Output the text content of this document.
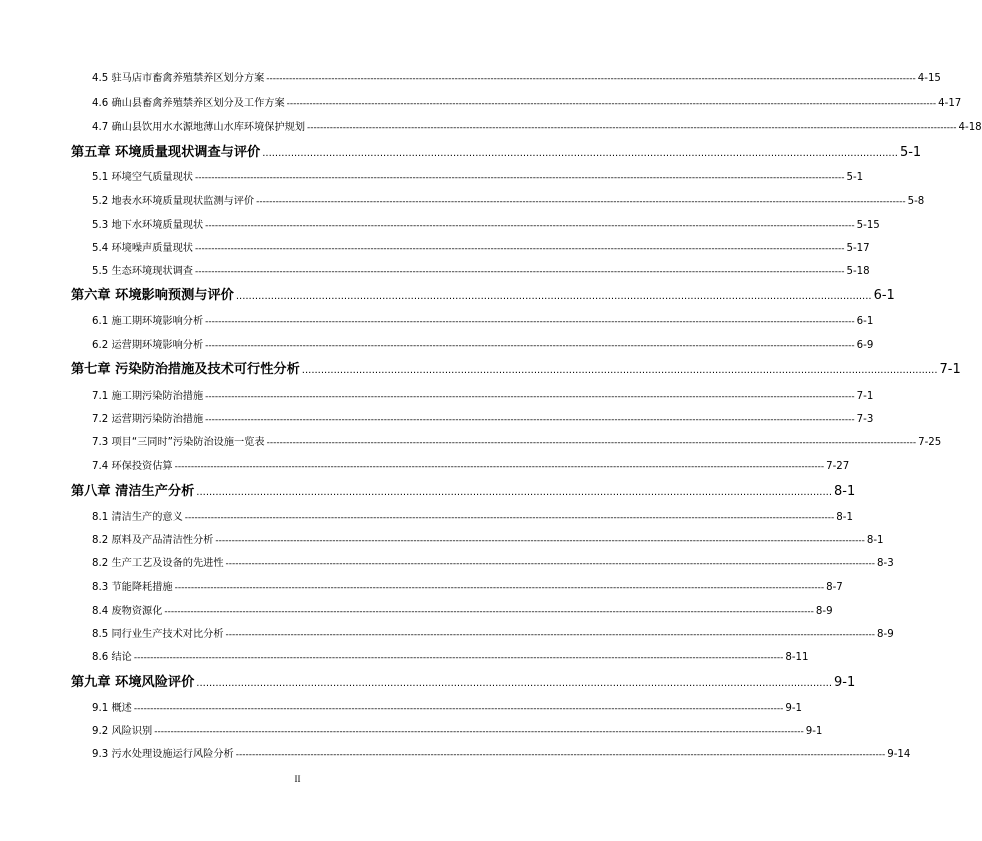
4.5 驻马店市畜禽养殖禁养区划分方案 -------------------------------------------------------------------------------------------------------------------------------------------------------------------------------------------------------- 4-15
4.6 确山县畜禽养殖禁养区划分及工作方案 -------------------------------------------------------------------------------------------------------------------------------------------------------------------------------------------------------- 4-17
4.7 确山县饮用水水源地薄山水库环境保护规划 -------------------------------------------------------------------------------------------------------------------------------------------------------------------------------------------------------- 4-18
第五章 环境质量现状调查与评价 ........................................................................................................................................................................................................ 5-1
5.1 环境空气质量现状 -------------------------------------------------------------------------------------------------------------------------------------------------------------------------------------------------------- 5-1
5.2 地表水环境质量现状监测与评价 -------------------------------------------------------------------------------------------------------------------------------------------------------------------------------------------------------- 5-8
5.3 地下水环境质量现状 -------------------------------------------------------------------------------------------------------------------------------------------------------------------------------------------------------- 5-15
5.4 环境噪声质量现状 -------------------------------------------------------------------------------------------------------------------------------------------------------------------------------------------------------- 5-17
5.5 生态环境现状调查 -------------------------------------------------------------------------------------------------------------------------------------------------------------------------------------------------------- 5-18
第六章 环境影响预测与评价 ........................................................................................................................................................................................................ 6-1
6.1 施工期环境影响分析 -------------------------------------------------------------------------------------------------------------------------------------------------------------------------------------------------------- 6-1
6.2 运营期环境影响分析 -------------------------------------------------------------------------------------------------------------------------------------------------------------------------------------------------------- 6-9
第七章 污染防治措施及技术可行性分析 ........................................................................................................................................................................................................ 7-1
7.1 施工期污染防治措施 -------------------------------------------------------------------------------------------------------------------------------------------------------------------------------------------------------- 7-1
7.2 运营期污染防治措施 -------------------------------------------------------------------------------------------------------------------------------------------------------------------------------------------------------- 7-3
7.3 项目“三同时”污染防治设施一览表 -------------------------------------------------------------------------------------------------------------------------------------------------------------------------------------------------------- 7-25
7.4 环保投资估算 -------------------------------------------------------------------------------------------------------------------------------------------------------------------------------------------------------- 7-27
第八章 清洁生产分析 ........................................................................................................................................................................................................ 8-1
8.1 清洁生产的意义 -------------------------------------------------------------------------------------------------------------------------------------------------------------------------------------------------------- 8-1
8.2 原料及产品清洁性分析 -------------------------------------------------------------------------------------------------------------------------------------------------------------------------------------------------------- 8-1
8.2 生产工艺及设备的先进性 -------------------------------------------------------------------------------------------------------------------------------------------------------------------------------------------------------- 8-3
8.3 节能降耗措施 -------------------------------------------------------------------------------------------------------------------------------------------------------------------------------------------------------- 8-7
8.4 废物资源化 -------------------------------------------------------------------------------------------------------------------------------------------------------------------------------------------------------- 8-9
8.5 同行业生产技术对比分析 -------------------------------------------------------------------------------------------------------------------------------------------------------------------------------------------------------- 8-9
8.6 结论 -------------------------------------------------------------------------------------------------------------------------------------------------------------------------------------------------------- 8-11
第九章 环境风险评价 ........................................................................................................................................................................................................ 9-1
9.1 概述 -------------------------------------------------------------------------------------------------------------------------------------------------------------------------------------------------------- 9-1
9.2 风险识别 -------------------------------------------------------------------------------------------------------------------------------------------------------------------------------------------------------- 9-1
9.3 污水处理设施运行风险分析 -------------------------------------------------------------------------------------------------------------------------------------------------------------------------------------------------------- 9-14
II
